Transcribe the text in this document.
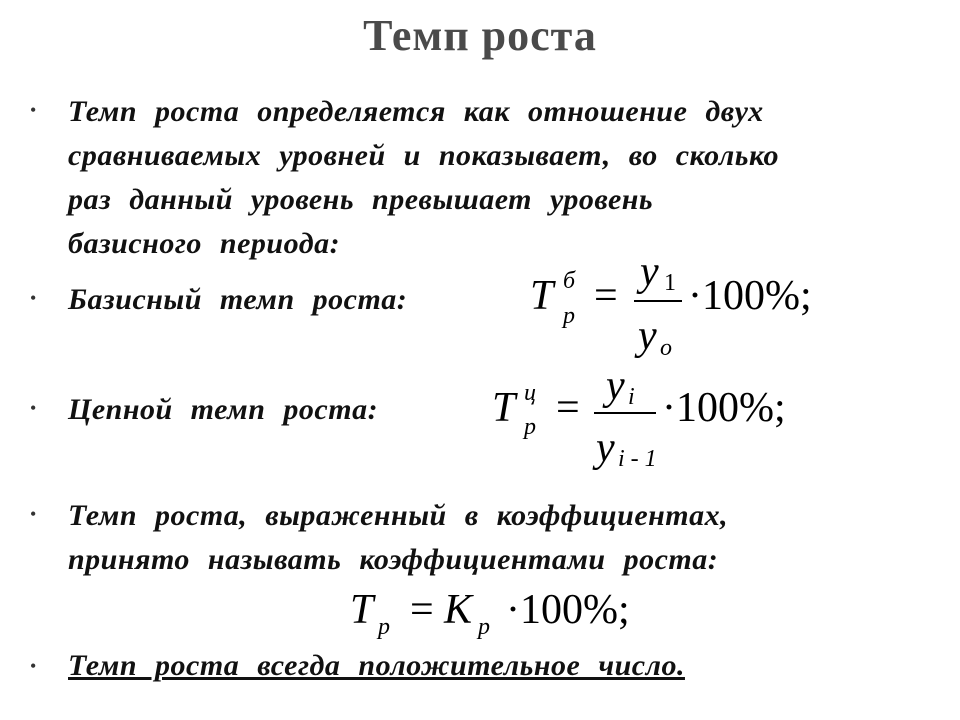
Темп роста
• Темп роста определяется как отношение двух
сравниваемых уровней и показывает, во сколько
раз данный уровень превышает уровень
базисного периода:
• Базисный темп роста:	T б
р =
y 1
y o
·100%;
• Цепной темп роста:	T ц
р = y i
y i - 1
·100%;
• Темп роста, выраженный в коэффициентах,
принято называть коэффициентами роста:
T р = K р ·100%;
• Темп роста всегда положительное число.
